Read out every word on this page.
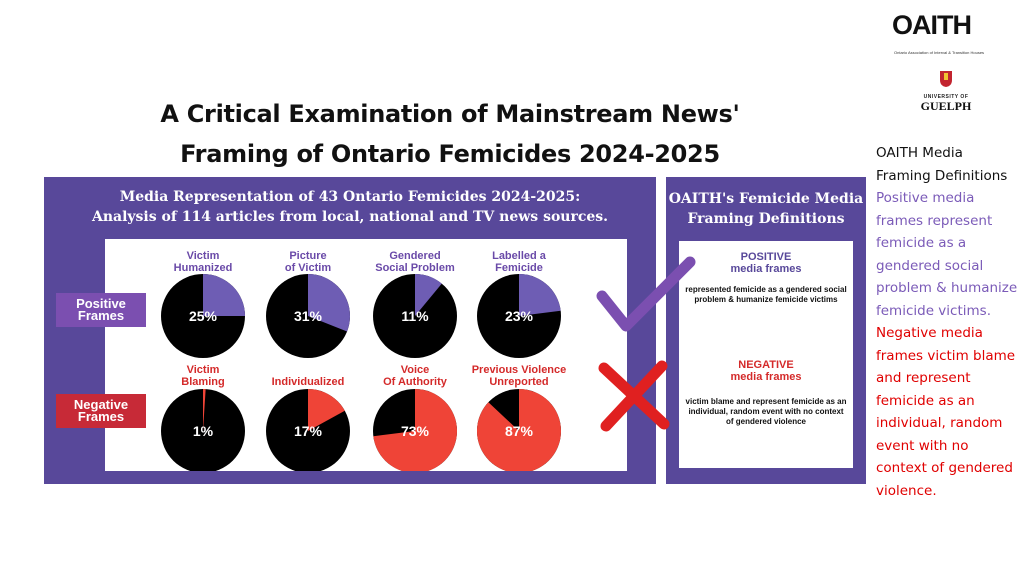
A Critical Examination of Mainstream News'
Framing of Ontario Femicides 2024-2025
Media Representation of 43 Ontario Femicides 2024-2025:
Analysis of 114 articles from local, national and TV news sources.
25%
Victim
Humanized
31%
Picture
of Victim
11%
Gendered
Social Problem
23%
Labelled a
Femicide
1%
Victim
Blaming
17%
Individualized
73%
Voice
Of Authority
87%
Previous Violence
Unreported
Positive Frames
Negative Frames
OAITH's Femicide Media
Framing Definitions
POSITIVE
media frames
represented femicide as a gendered social problem & humanize femicide victims
NEGATIVE
media frames
victim blame and represent femicide as an individual, random event with no context of gendered violence
OAITH
Ontario Association of Interval & Transition Houses
UNIVERSITY OF
GUELPH
OAITH Media Framing Definitions
Positive media frames represent femicide as a gendered social problem & humanize femicide victims.
Negative media frames victim blame and represent femicide as an individual, random event with no context of gendered violence.
